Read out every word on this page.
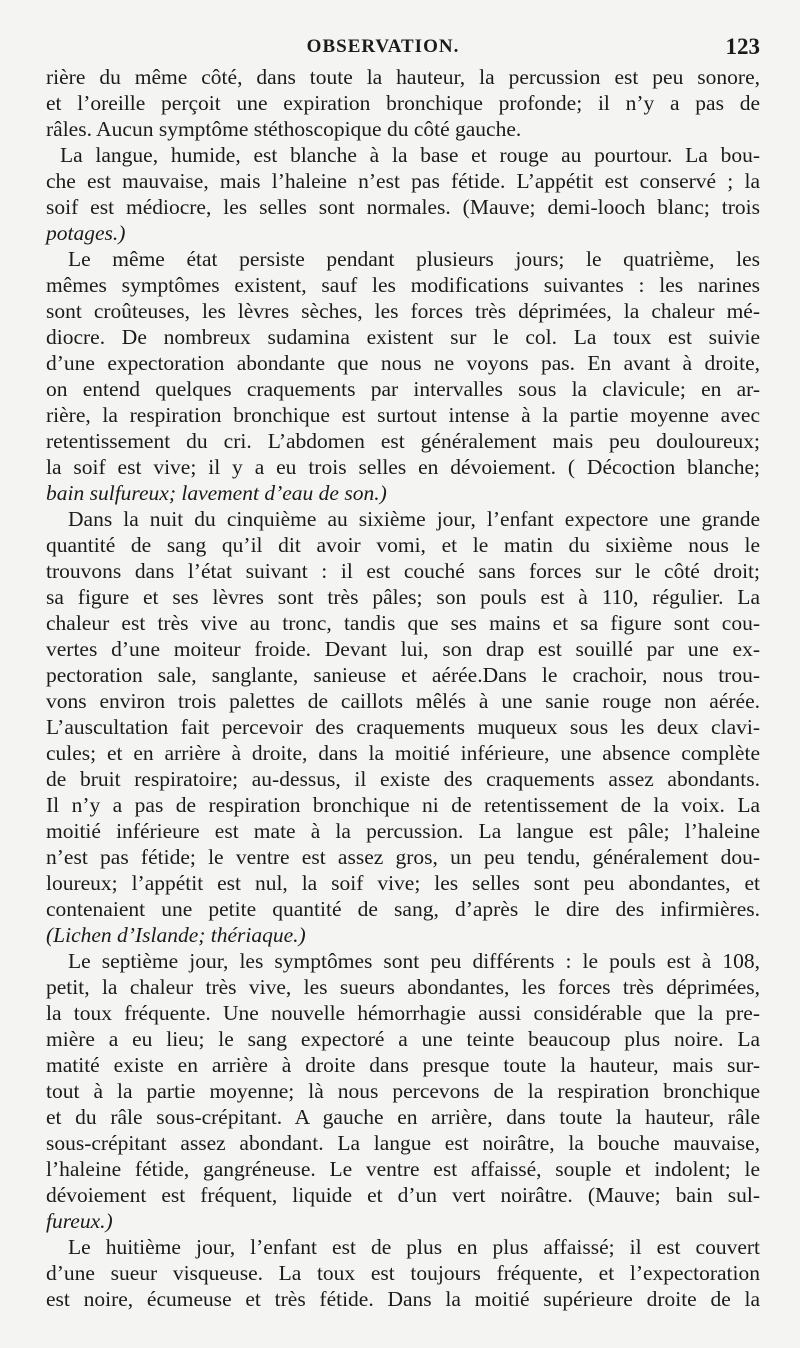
OBSERVATION.	123

rière du même côté, dans toute la hauteur, la percussion est peu sonore,
et l’oreille perçoit une expiration bronchique profonde; il n’y a pas de
râles. Aucun symptôme stéthoscopique du côté gauche.

La langue, humide, est blanche à la base et rouge au pourtour. La bou-
che est mauvaise, mais l’haleine n’est pas fétide. L’appétit est conservé ; la
soif est médiocre, les selles sont normales. (Mauve; demi-looch blanc; trois
potages.)

Le même état persiste pendant plusieurs jours; le quatrième, les
mêmes symptômes existent, sauf les modifications suivantes : les narines
sont croûteuses, les lèvres sèches, les forces très déprimées, la chaleur mé-
diocre. De nombreux sudamina existent sur le col. La toux est suivie
d’une expectoration abondante que nous ne voyons pas. En avant à droite,
on entend quelques craquements par intervalles sous la clavicule; en ar-
rière, la respiration bronchique est surtout intense à la partie moyenne avec
retentissement du cri. L’abdomen est généralement mais peu douloureux;
la soif est vive; il y a eu trois selles en dévoiement. ( Décoction blanche;
bain sulfureux; lavement d’eau de son.)

Dans la nuit du cinquième au sixième jour, l’enfant expectore une grande
quantité de sang qu’il dit avoir vomi, et le matin du sixième nous le
trouvons dans l’état suivant : il est couché sans forces sur le côté droit;
sa figure et ses lèvres sont très pâles; son pouls est à 110, régulier. La
chaleur est très vive au tronc, tandis que ses mains et sa figure sont cou-
vertes d’une moiteur froide. Devant lui, son drap est souillé par une ex-
pectoration sale, sanglante, sanieuse et aérée.Dans le crachoir, nous trou-
vons environ trois palettes de caillots mêlés à une sanie rouge non aérée.
L’auscultation fait percevoir des craquements muqueux sous les deux clavi-
cules; et en arrière à droite, dans la moitié inférieure, une absence complète
de bruit respiratoire; au-dessus, il existe des craquements assez abondants.
Il n’y a pas de respiration bronchique ni de retentissement de la voix. La
moitié inférieure est mate à la percussion. La langue est pâle; l’haleine
n’est pas fétide; le ventre est assez gros, un peu tendu, généralement dou-
loureux; l’appétit est nul, la soif vive; les selles sont peu abondantes, et
contenaient une petite quantité de sang, d’après le dire des infirmières.
(Lichen d’Islande; thériaque.)

Le septième jour, les symptômes sont peu différents : le pouls est à 108,
petit, la chaleur très vive, les sueurs abondantes, les forces très déprimées,
la toux fréquente. Une nouvelle hémorrhagie aussi considérable que la pre-
mière a eu lieu; le sang expectoré a une teinte beaucoup plus noire. La
matité existe en arrière à droite dans presque toute la hauteur, mais sur-
tout à la partie moyenne; là nous percevons de la respiration bronchique
et du râle sous-crépitant. A gauche en arrière, dans toute la hauteur, râle
sous-crépitant assez abondant. La langue est noirâtre, la bouche mauvaise,
l’haleine fétide, gangréneuse. Le ventre est affaissé, souple et indolent; le
dévoiement est fréquent, liquide et d’un vert noirâtre. (Mauve; bain sul-
fureux.)

Le huitième jour, l’enfant est de plus en plus affaissé; il est couvert
d’une sueur visqueuse. La toux est toujours fréquente, et l’expectoration
est noire, écumeuse et très fétide. Dans la moitié supérieure droite de la
